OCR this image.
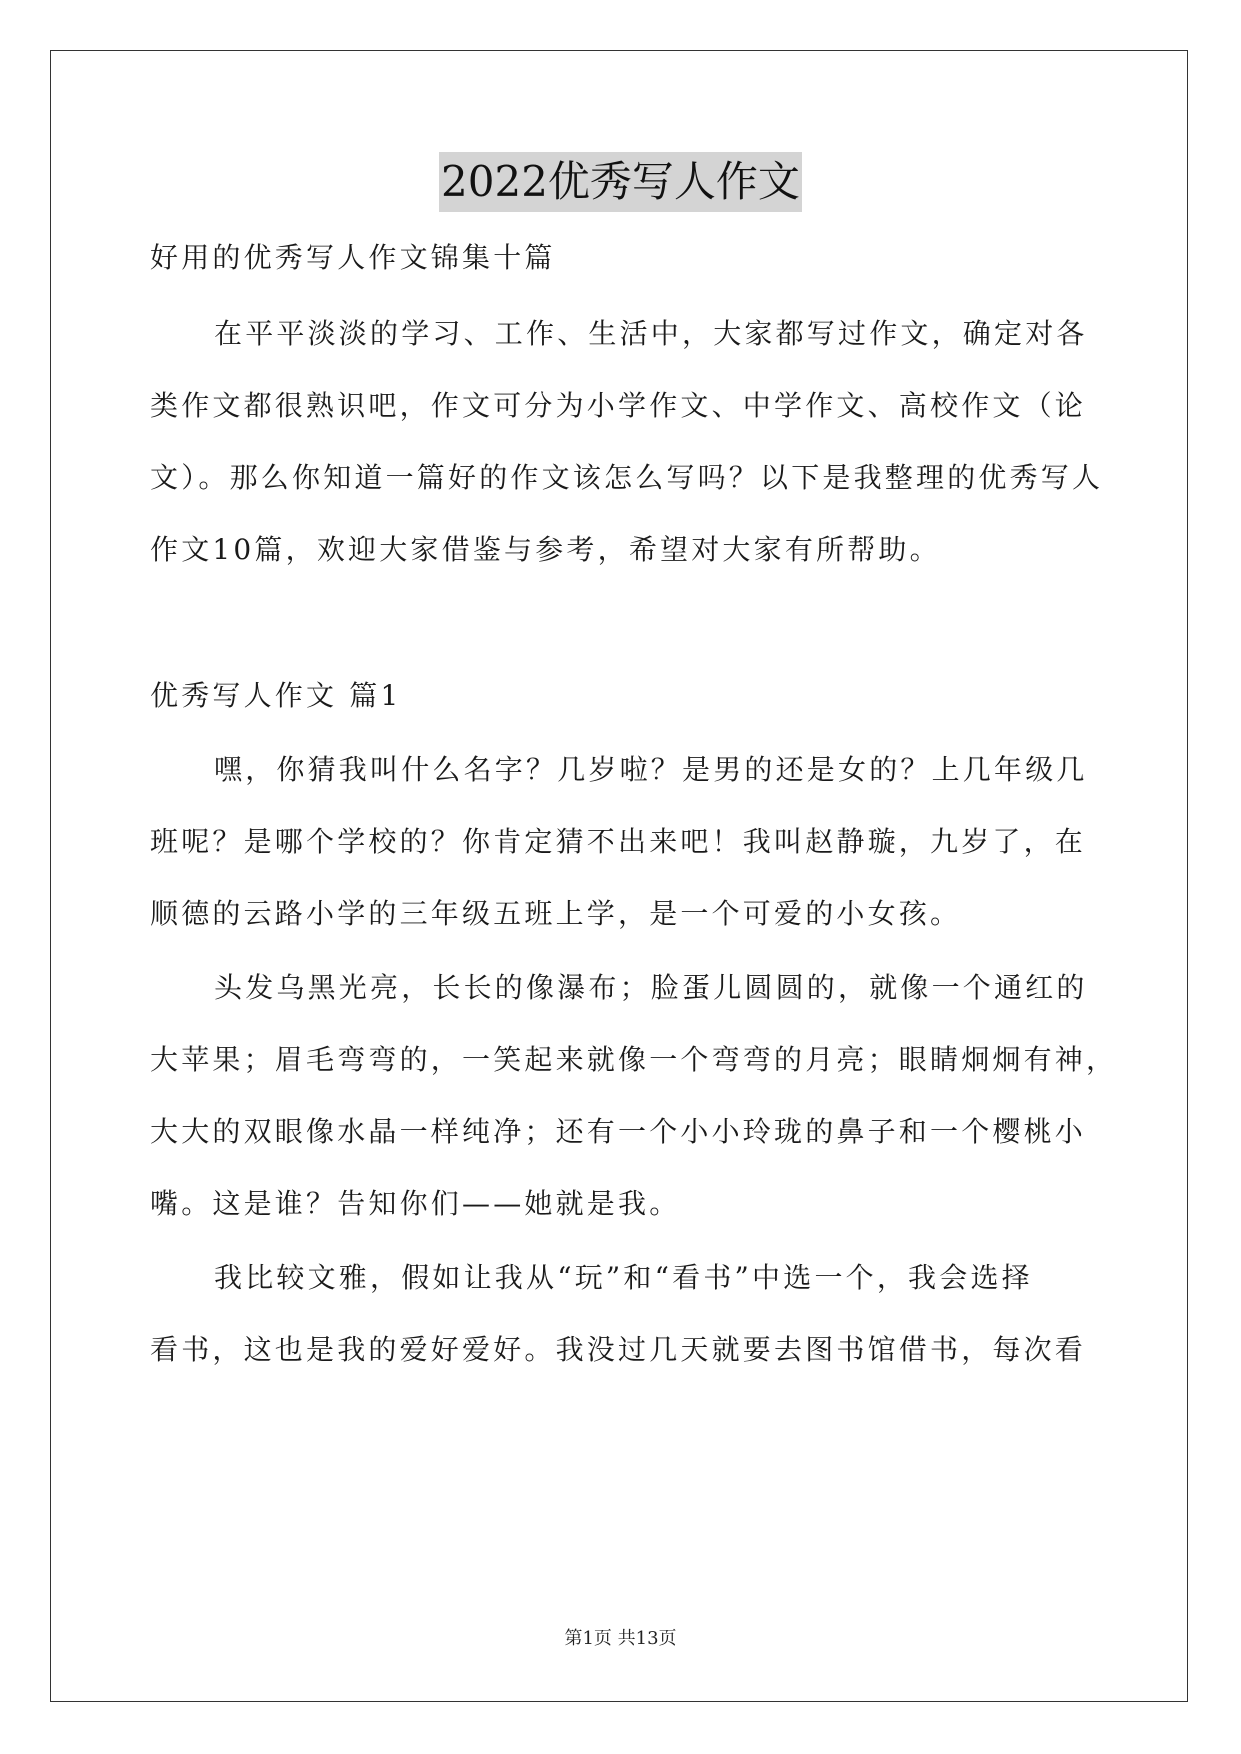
2022优秀写人作文
好用的优秀写人作文锦集十篇
在平平淡淡的学习、工作、生活中，大家都写过作文，确定对各
类作文都很熟识吧，作文可分为小学作文、中学作文、高校作文（论
文）。那么你知道一篇好的作文该怎么写吗？以下是我整理的优秀写人
作文10篇，欢迎大家借鉴与参考，希望对大家有所帮助。
优秀写人作文 篇1
嘿，你猜我叫什么名字？几岁啦？是男的还是女的？上几年级几
班呢？是哪个学校的？你肯定猜不出来吧！我叫赵静璇，九岁了，在
顺德的云路小学的三年级五班上学，是一个可爱的小女孩。
头发乌黑光亮，长长的像瀑布；脸蛋儿圆圆的，就像一个通红的
大苹果；眉毛弯弯的，一笑起来就像一个弯弯的月亮；眼睛炯炯有神，
大大的双眼像水晶一样纯净；还有一个小小玲珑的鼻子和一个樱桃小
嘴。这是谁？告知你们——她就是我。
我比较文雅，假如让我从“玩”和“看书”中选一个，我会选择
看书，这也是我的爱好爱好。我没过几天就要去图书馆借书，每次看
第1页 共13页
